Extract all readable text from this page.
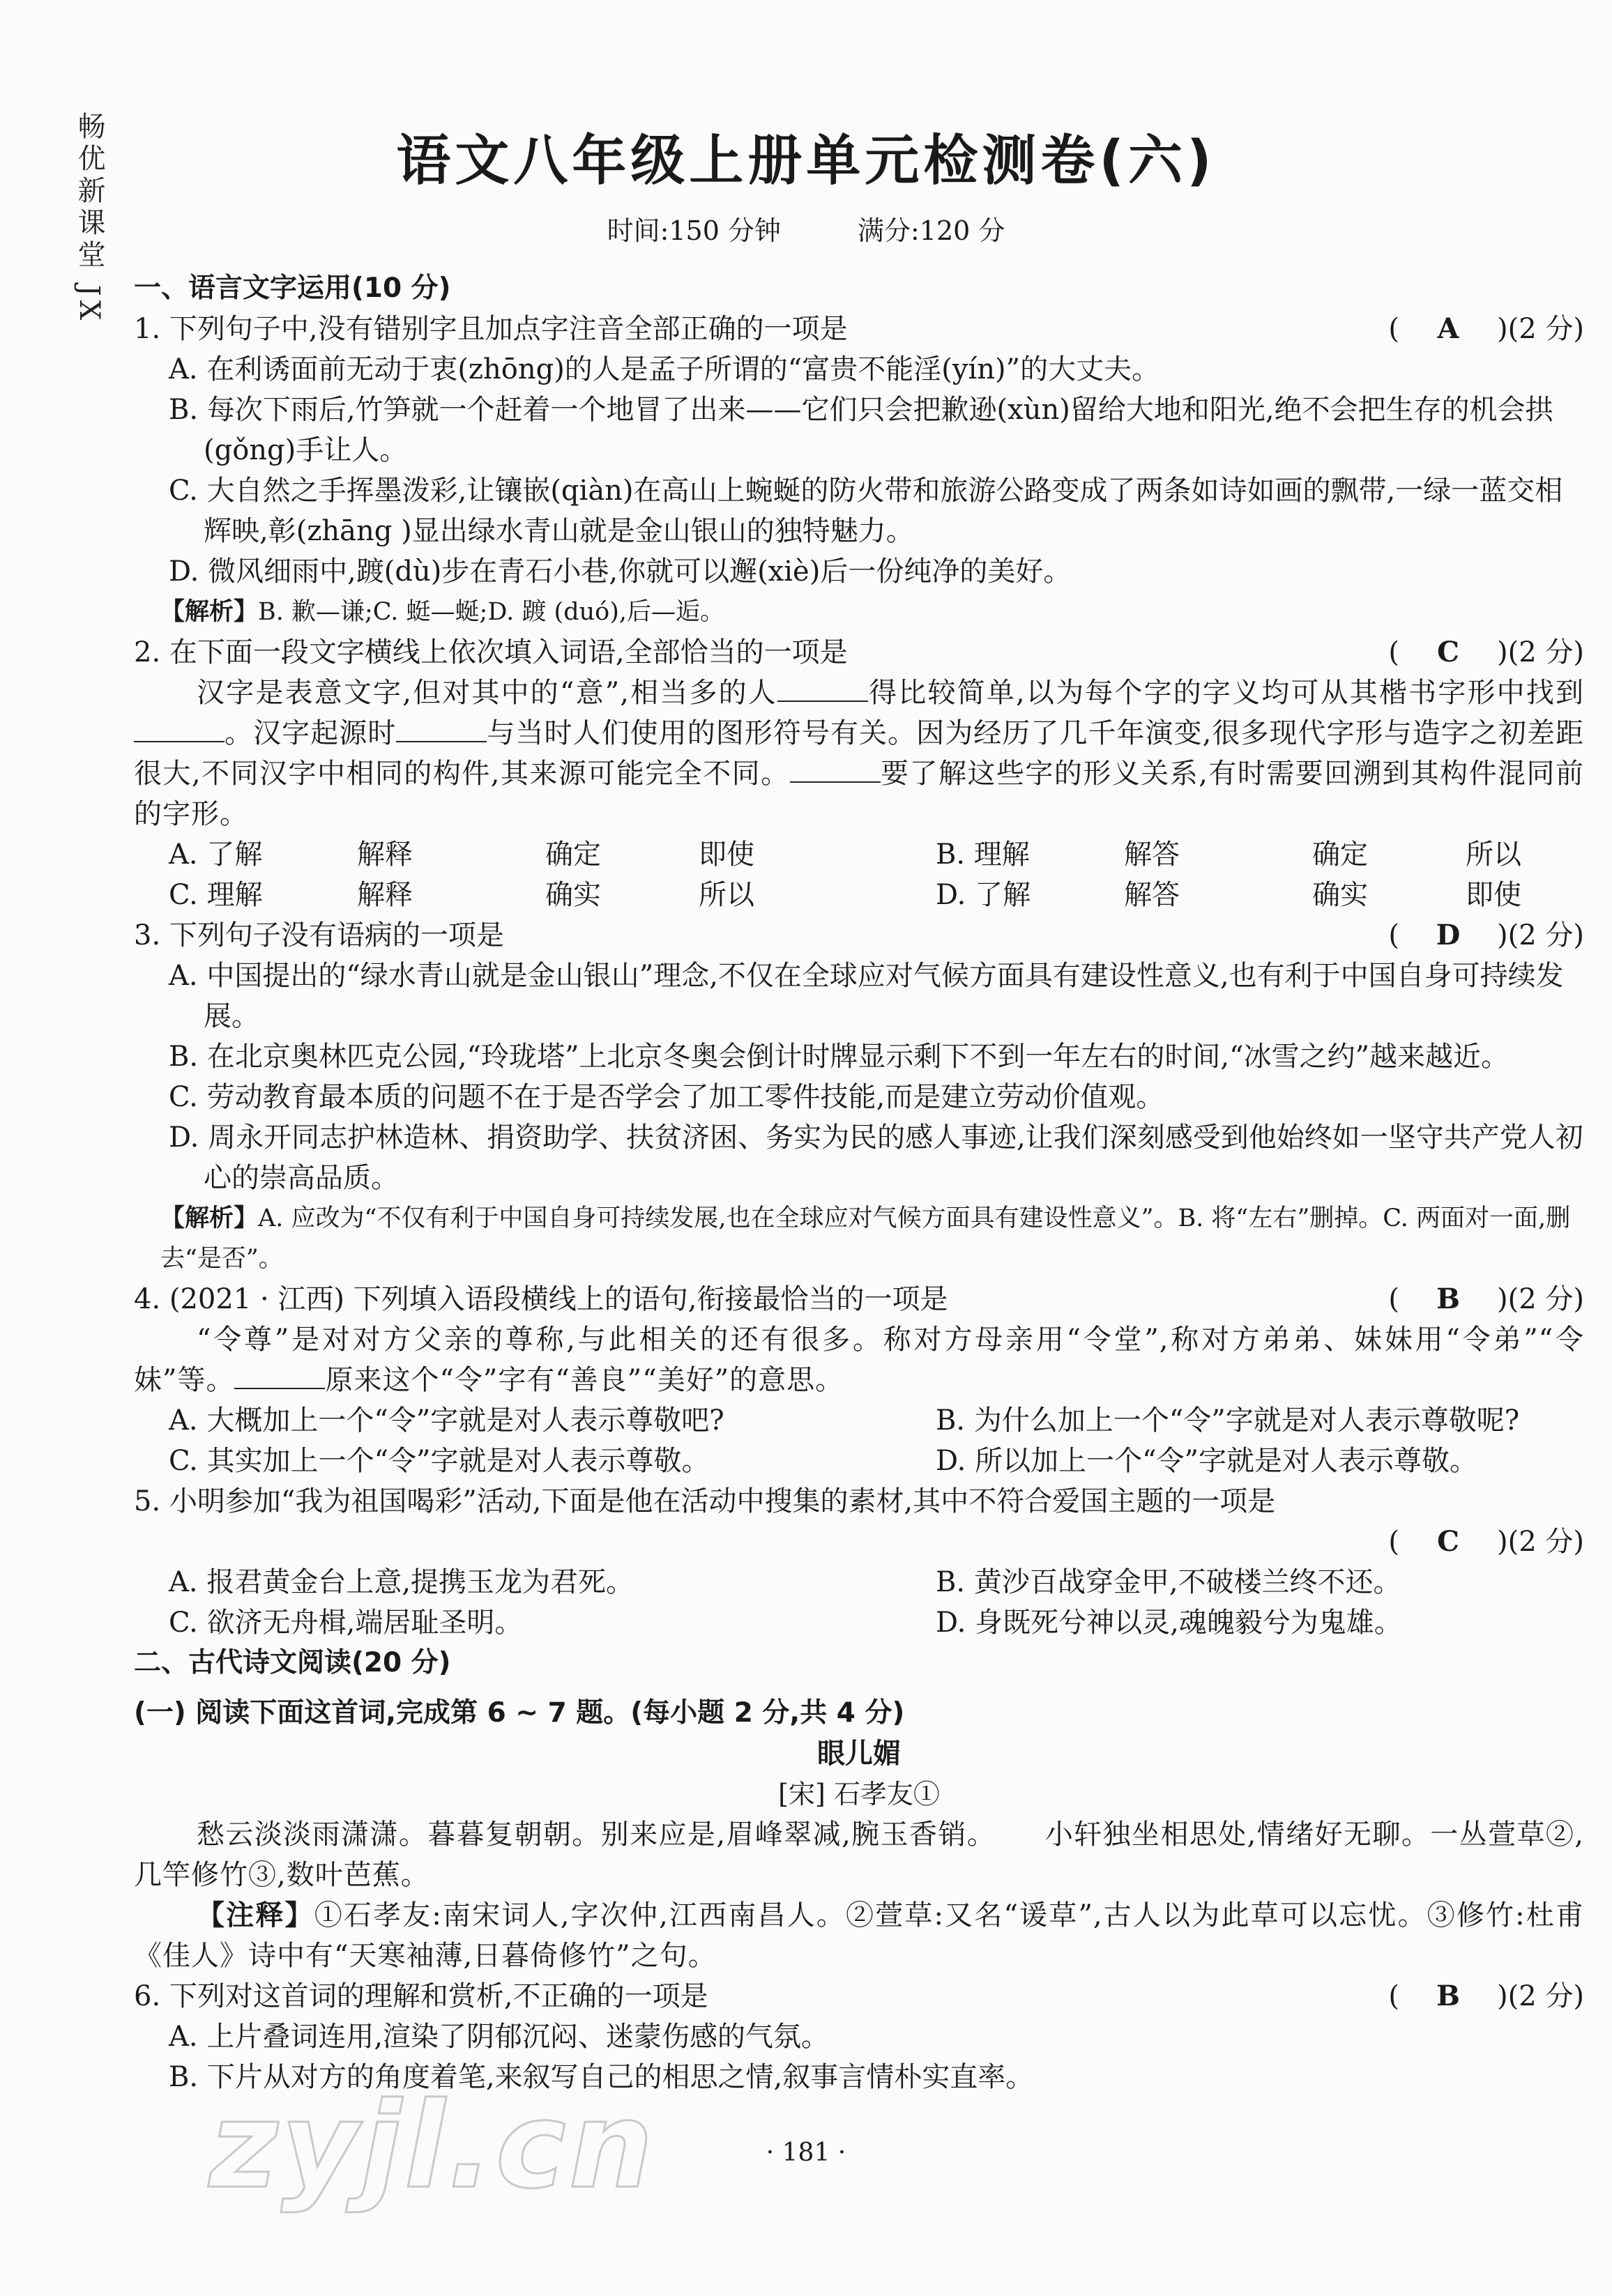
畅优新课堂 JX	语文八年级上册单元检测卷(六)
时间:150 分钟	满分:120 分
一、语言文字运用(10 分)
1. 下列句子中,没有错别字且加点字注音全部正确的一项是	( A )(2 分)
A. 在利诱面前无动于衷(zhōng)的人是孟子所谓的“富贵不能淫(yín)”的大丈夫。
B. 每次下雨后,竹笋就一个赶着一个地冒了出来——它们只会把歉逊(xùn)留给大地和阳光,绝不会把生存的机会拱(gǒng)手让人。
C. 大自然之手挥墨泼彩,让镶嵌(qiàn)在高山上蜿蜒的防火带和旅游公路变成了两条如诗如画的飘带,一绿一蓝交相辉映,彰(zhāng )显出绿水青山就是金山银山的独特魅力。
D. 微风细雨中,踱(dù)步在青石小巷,你就可以邂(xiè)后一份纯净的美好。
【解析】B. 歉—谦;C. 蜓—蜒;D. 踱 (duó),后—逅。
2. 在下面一段文字横线上依次填入词语,全部恰当的一项是	( C )(2 分)
汉字是表意文字,但对其中的“意”,相当多的人	得比较简单,以为每个字的字义均可从其楷书字形中找到。汉字起源时	与当时人们使用的图形符号有关。因为经历了几千年演变,很多现代字形与造字之初差距很大,不同汉字中相同的构件,其来源可能完全不同。	要了解这些字的形义关系,有时需要回溯到其构件混同前的字形。
A. 了解	解释	确定	即使	B. 理解	解答	确定	所以
C. 理解	解释	确实	所以	D. 了解	解答	确实	即使
3. 下列句子没有语病的一项是	( D )(2 分)
A. 中国提出的“绿水青山就是金山银山”理念,不仅在全球应对气候方面具有建设性意义,也有利于中国自身可持续发展。
B. 在北京奥林匹克公园,“玲珑塔”上北京冬奥会倒计时牌显示剩下不到一年左右的时间,“冰雪之约”越来越近。
C. 劳动教育最本质的问题不在于是否学会了加工零件技能,而是建立劳动价值观。
D. 周永开同志护林造林、捐资助学、扶贫济困、务实为民的感人事迹,让我们深刻感受到他始终如一坚守共产党人初心的崇高品质。
【解析】A. 应改为“不仅有利于中国自身可持续发展,也在全球应对气候方面具有建设性意义”。B. 将“左右”删掉。C. 两面对一面,删去“是否”。
4. (2021 · 江西) 下列填入语段横线上的语句,衔接最恰当的一项是	( B )(2 分)
“令尊”是对对方父亲的尊称,与此相关的还有很多。称对方母亲用“令堂”,称对方弟弟、妹妹用“令弟”“令妹”等。	原来这个“令”字有“善良”“美好”的意思。
A. 大概加上一个“令”字就是对人表示尊敬吧?	B. 为什么加上一个“令”字就是对人表示尊敬呢?
C. 其实加上一个“令”字就是对人表示尊敬。	D. 所以加上一个“令”字就是对人表示尊敬。
5. 小明参加“我为祖国喝彩”活动,下面是他在活动中搜集的素材,其中不符合爱国主题的一项是
( C )(2 分)
A. 报君黄金台上意,提携玉龙为君死。	B. 黄沙百战穿金甲,不破楼兰终不还。
C. 欲济无舟楫,端居耻圣明。	D. 身既死兮神以灵,魂魄毅兮为鬼雄。
二、古代诗文阅读(20 分)
(一) 阅读下面这首词,完成第 6 ~ 7 题。(每小题 2 分,共 4 分)
眼儿媚
[宋] 石孝友①
愁云淡淡雨潇潇。暮暮复朝朝。别来应是,眉峰翠减,腕玉香销。 小轩独坐相思处,情绪好无聊。一丛萱草②,几竿修竹③,数叶芭蕉。
【注释】①石孝友:南宋词人,字次仲,江西南昌人。②萱草:又名“谖草”,古人以为此草可以忘忧。③修竹:杜甫《佳人》诗中有“天寒袖薄,日暮倚修竹”之句。
6. 下列对这首词的理解和赏析,不正确的一项是	( B )(2 分)
A. 上片叠词连用,渲染了阴郁沉闷、迷蒙伤感的气氛。
B. 下片从对方的角度着笔,来叙写自己的相思之情,叙事言情朴实直率。
zyjl.cn	· 181 ·
